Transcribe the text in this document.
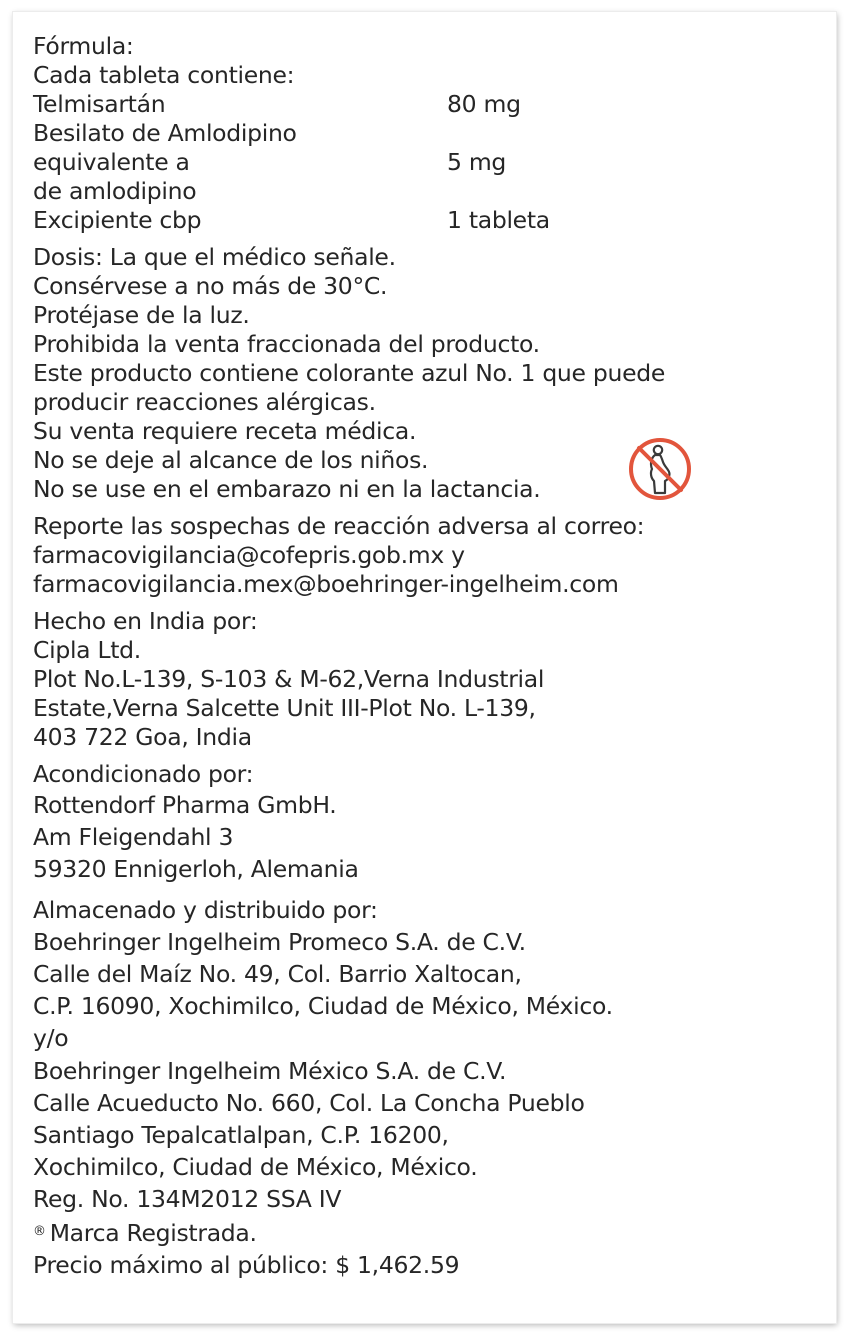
Fórmula:
Cada tableta contiene:
Telmisartán	80 mg
Besilato de Amlodipino
equivalente a	5 mg
de amlodipino
Excipiente cbp	1 tableta
Dosis: La que el médico señale.
Consérvese a no más de 30°C.
Protéjase de la luz.
Prohibida la venta fraccionada del producto.
Este producto contiene colorante azul No. 1 que puede
producir reacciones alérgicas.
Su venta requiere receta médica.
No se deje al alcance de los niños.
No se use en el embarazo ni en la lactancia.
Reporte las sospechas de reacción adversa al correo:
farmacovigilancia@cofepris.gob.mx y
farmacovigilancia.mex@boehringer-ingelheim.com
Hecho en India por:
Cipla Ltd.
Plot No.L-139, S-103 & M-62,Verna Industrial
Estate,Verna Salcette Unit III-Plot No. L-139,
403 722 Goa, India
Acondicionado por:
Rottendorf Pharma GmbH.
Am Fleigendahl 3
59320 Ennigerloh, Alemania
Almacenado y distribuido por:
Boehringer Ingelheim Promeco S.A. de C.V.
Calle del Maíz No. 49, Col. Barrio Xaltocan,
C.P. 16090, Xochimilco, Ciudad de México, México.
y/o
Boehringer Ingelheim México S.A. de C.V.
Calle Acueducto No. 660, Col. La Concha Pueblo
Santiago Tepalcatlalpan, C.P. 16200,
Xochimilco, Ciudad de México, México.
Reg. No. 134M2012 SSA IV
® Marca Registrada.
Precio máximo al público: $ 1,462.59
